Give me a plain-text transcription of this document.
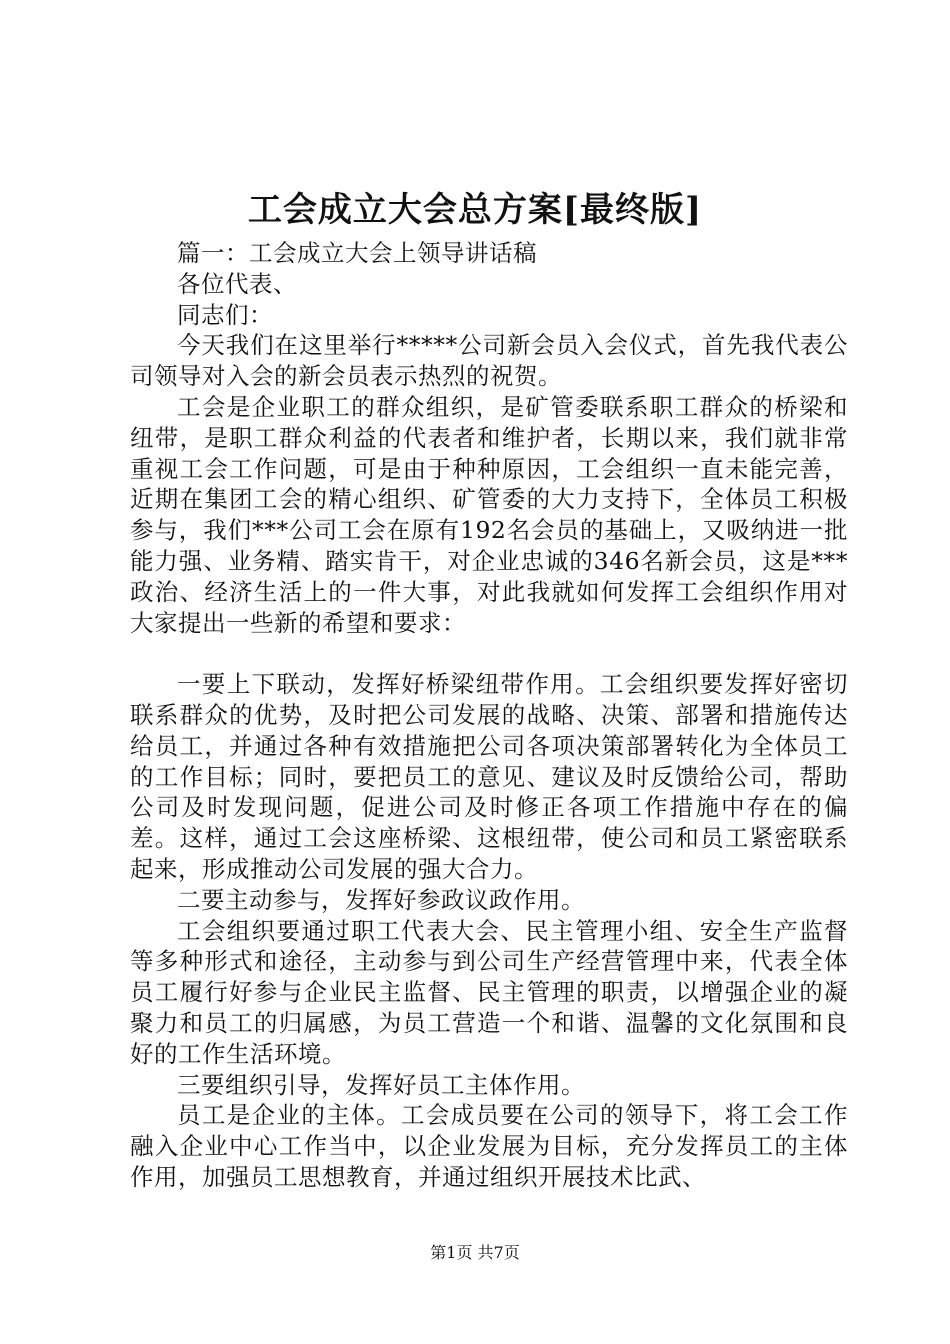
工会成立大会总方案[最终版]

篇一：工会成立大会上领导讲话稿

各位代表、

同志们：

今天我们在这里举行*****公司新会员入会仪式，首先我代表公司领导对入会的新会员表示热烈的祝贺。

工会是企业职工的群众组织，是矿管委联系职工群众的桥梁和纽带，是职工群众利益的代表者和维护者，长期以来，我们就非常重视工会工作问题，可是由于种种原因，工会组织一直未能完善，近期在集团工会的精心组织、矿管委的大力支持下，全体员工积极参与，我们***公司工会在原有192名会员的基础上，又吸纳进一批能力强、业务精、踏实肯干，对企业忠诚的346名新会员，这是***政治、经济生活上的一件大事，对此我就如何发挥工会组织作用对大家提出一些新的希望和要求：

一要上下联动，发挥好桥梁纽带作用。工会组织要发挥好密切联系群众的优势，及时把公司发展的战略、决策、部署和措施传达给员工，并通过各种有效措施把公司各项决策部署转化为全体员工的工作目标；同时，要把员工的意见、建议及时反馈给公司，帮助公司及时发现问题，促进公司及时修正各项工作措施中存在的偏差。这样，通过工会这座桥梁、这根纽带，使公司和员工紧密联系起来，形成推动公司发展的强大合力。

二要主动参与，发挥好参政议政作用。

工会组织要通过职工代表大会、民主管理小组、安全生产监督等多种形式和途径，主动参与到公司生产经营管理中来，代表全体员工履行好参与企业民主监督、民主管理的职责，以增强企业的凝聚力和员工的归属感，为员工营造一个和谐、温馨的文化氛围和良好的工作生活环境。

三要组织引导，发挥好员工主体作用。

员工是企业的主体。工会成员要在公司的领导下，将工会工作融入企业中心工作当中，以企业发展为目标，充分发挥员工的主体作用，加强员工思想教育，并通过组织开展技术比武、

第1页 共7页
